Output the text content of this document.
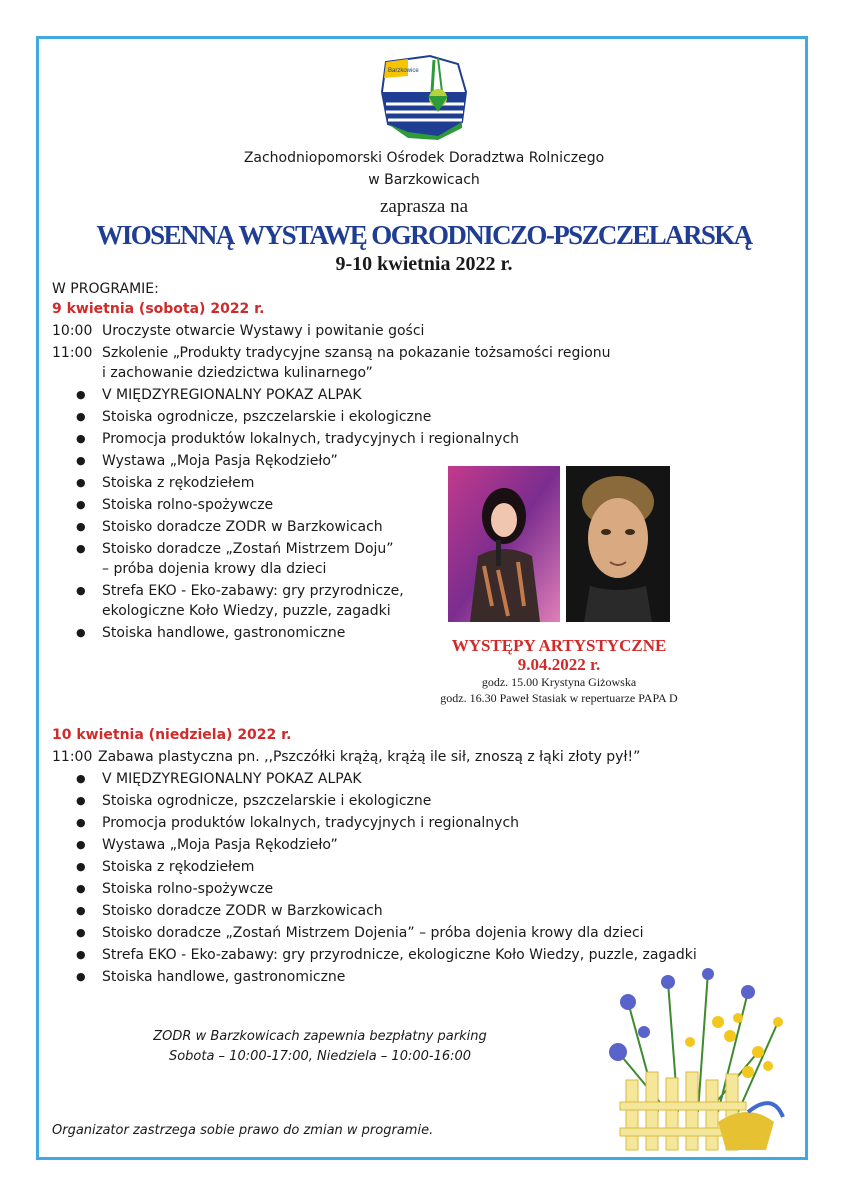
Barzkowice
Zachodniopomorski Ośrodek Doradztwa Rolniczego
w Barzkowicach
zaprasza na
WIOSENNĄ WYSTAWĘ OGRODNICZO-PSZCZELARSKĄ
9-10 kwietnia 2022 r.
W PROGRAMIE:
9 kwietnia (sobota) 2022 r.
10:00 Uroczyste otwarcie Wystawy i powitanie gości
11:00 Szkolenie „Produkty tradycyjne szansą na pokazanie tożsamości regionu
i zachowanie dziedzictwa kulinarnego”
● V MIĘDZYREGIONALNY POKAZ ALPAK
● Stoiska ogrodnicze, pszczelarskie i ekologiczne
● Promocja produktów lokalnych, tradycyjnych i regionalnych
● Wystawa „Moja Pasja Rękodzieło”
● Stoiska z rękodziełem
● Stoiska rolno-spożywcze
● Stoisko doradcze ZODR w Barzkowicach
● Stoisko doradcze „Zostań Mistrzem Doju”
– próba dojenia krowy dla dzieci
● Strefa EKO - Eko-zabawy: gry przyrodnicze,
ekologiczne Koło Wiedzy, puzzle, zagadki
● Stoiska handlowe, gastronomiczne
WYSTĘPY ARTYSTYCZNE
9.04.2022 r.
godz. 15.00 Krystyna Giżowska
godz. 16.30 Paweł Stasiak w repertuarze PAPA D
10 kwietnia (niedziela) 2022 r.
11:00 Zabawa plastyczna pn. ,,Pszczółki krążą, krążą ile sił, znoszą z łąki złoty pył!”
● V MIĘDZYREGIONALNY POKAZ ALPAK
● Stoiska ogrodnicze, pszczelarskie i ekologiczne
● Promocja produktów lokalnych, tradycyjnych i regionalnych
● Wystawa „Moja Pasja Rękodzieło”
● Stoiska z rękodziełem
● Stoiska rolno-spożywcze
● Stoisko doradcze ZODR w Barzkowicach
● Stoisko doradcze „Zostań Mistrzem Dojenia” – próba dojenia krowy dla dzieci
● Strefa EKO - Eko-zabawy: gry przyrodnicze, ekologiczne Koło Wiedzy, puzzle, zagadki
● Stoiska handlowe, gastronomiczne
ZODR w Barzkowicach zapewnia bezpłatny parking
Sobota – 10:00-17:00, Niedziela – 10:00-16:00
Organizator zastrzega sobie prawo do zmian w programie.
